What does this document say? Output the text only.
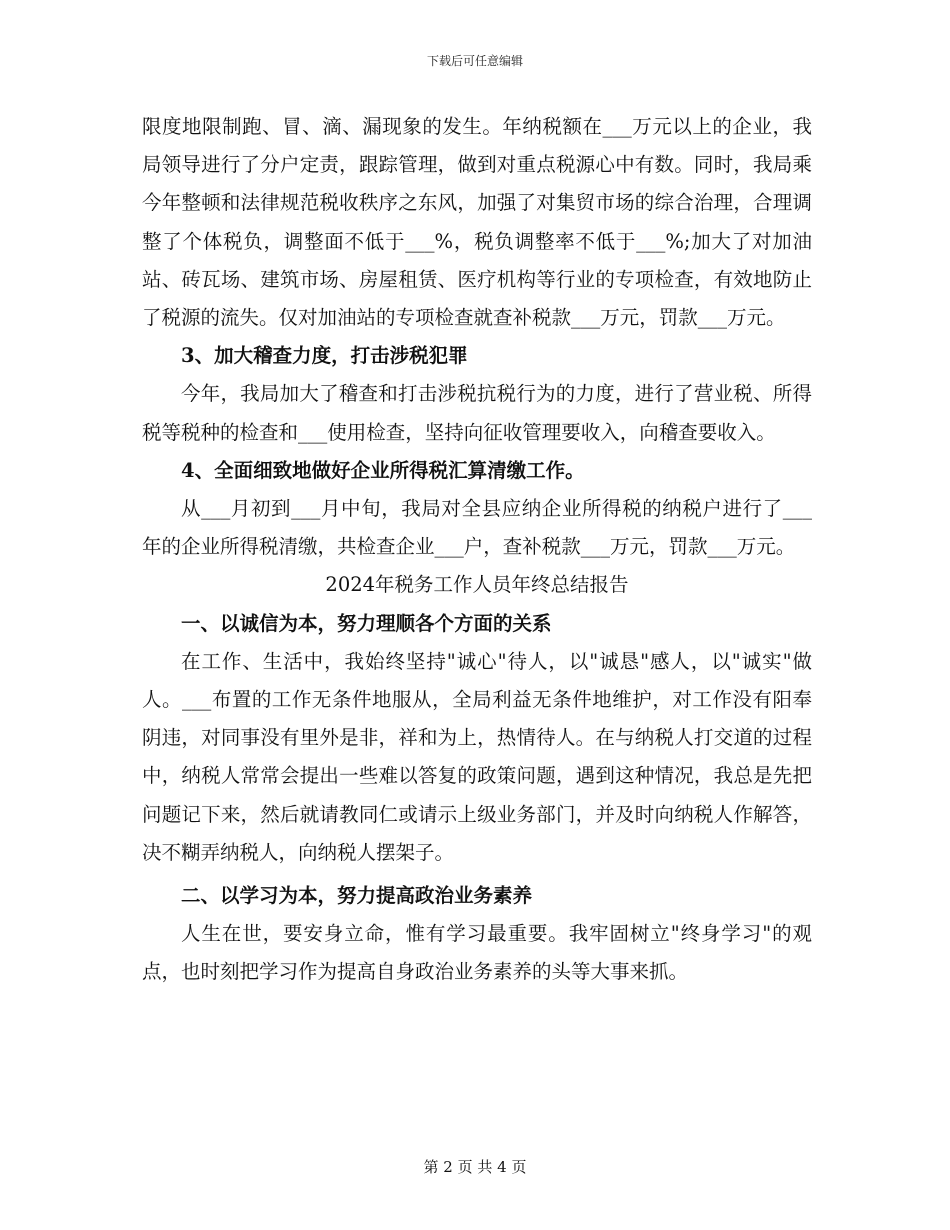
下载后可任意编辑

限度地限制跑、冒、滴、漏现象的发生。年纳税额在___万元以上的企业，我局领导进行了分户定责，跟踪管理，做到对重点税源心中有数。同时，我局乘今年整顿和法律规范税收秩序之东风，加强了对集贸市场的综合治理，合理调整了个体税负，调整面不低于___%，税负调整率不低于___%;加大了对加油站、砖瓦场、建筑市场、房屋租赁、医疗机构等行业的专项检查，有效地防止了税源的流失。仅对加油站的专项检查就查补税款___万元，罚款___万元。

3、加大稽查力度，打击涉税犯罪

今年，我局加大了稽查和打击涉税抗税行为的力度，进行了营业税、所得税等税种的检查和___使用检查，坚持向征收管理要收入，向稽查要收入。

4、全面细致地做好企业所得税汇算清缴工作。

从___月初到___月中旬，我局对全县应纳企业所得税的纳税户进行了___年的企业所得税清缴，共检查企业___户，查补税款___万元，罚款___万元。

2024年税务工作人员年终总结报告

一、以诚信为本，努力理顺各个方面的关系

在工作、生活中，我始终坚持"诚心"待人，以"诚恳"感人，以"诚实"做人。___布置的工作无条件地服从，全局利益无条件地维护，对工作没有阳奉阴违，对同事没有里外是非，祥和为上，热情待人。在与纳税人打交道的过程中，纳税人常常会提出一些难以答复的政策问题，遇到这种情况，我总是先把问题记下来，然后就请教同仁或请示上级业务部门，并及时向纳税人作解答，决不糊弄纳税人，向纳税人摆架子。

二、以学习为本，努力提高政治业务素养

人生在世，要安身立命，惟有学习最重要。我牢固树立"终身学习"的观点，也时刻把学习作为提高自身政治业务素养的头等大事来抓。

第 2 页 共 4 页
